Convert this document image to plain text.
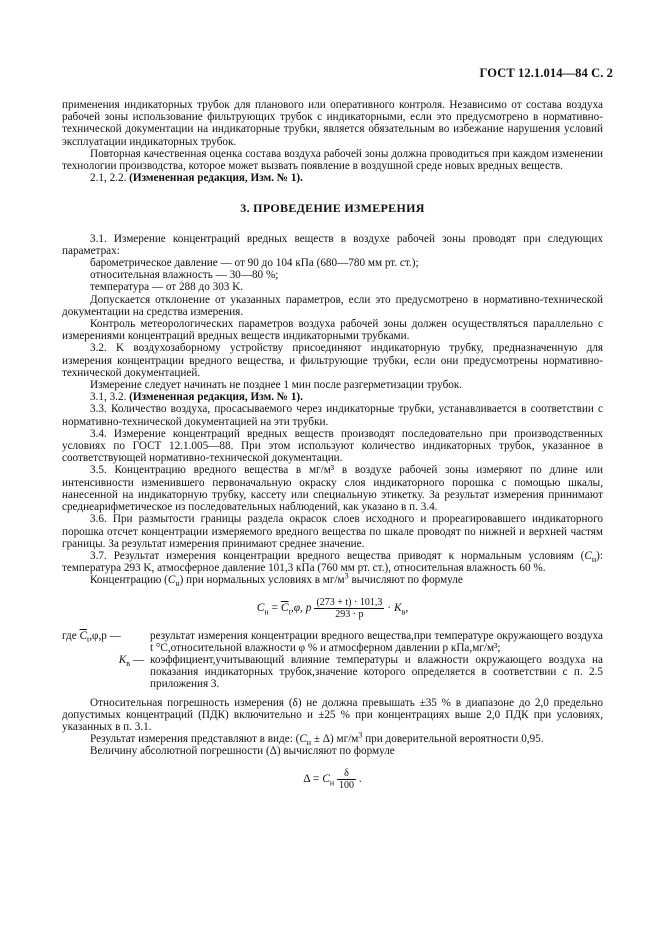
ГОСТ 12.1.014—84 С. 2

применения индикаторных трубок для планового или оперативного контроля. Независимо от состава воздуха рабочей зоны использование фильтрующих трубок с индикаторными, если это предусмотрено в нормативно-технической документации на индикаторные трубки, является обязательным во избежание нарушения условий эксплуатации индикаторных трубок.

Повторная качественная оценка состава воздуха рабочей зоны должна проводиться при каждом изменении технологии производства, которое может вызвать появление в воздушной среде новых вредных веществ.

2.1, 2.2. (Измененная редакция, Изм. № 1).

3. ПРОВЕДЕНИЕ ИЗМЕРЕНИЯ

3.1. Измерение концентраций вредных веществ в воздухе рабочей зоны проводят при следующих параметрах:

барометрическое давление — от 90 до 104 кПа (680—780 мм рт. ст.);

относительная влажность — 30—80 %;

температура — от 288 до 303 K.

Допускается отклонение от указанных параметров, если это предусмотрено в нормативно-технической документации на средства измерения.

Контроль метеорологических параметров воздуха рабочей зоны должен осуществляться параллельно с измерениями концентраций вредных веществ индикаторными трубками.

3.2. K воздухозаборному устройству присоединяют индикаторную трубку, предназначенную для измерения концентрации вредного вещества, и фильтрующие трубки, если они предусмотрены нормативно-технической документацией.

Измерение следует начинать не позднее 1 мин после разгерметизации трубок.

3.1, 3.2. (Измененная редакция, Изм. № 1).

3.3. Количество воздуха, просасываемого через индикаторные трубки, устанавливается в соответствии с нормативно-технической документацией на эти трубки.

3.4. Измерение концентраций вредных веществ производят последовательно при производственных условиях по ГОСТ 12.1.005—88. При этом используют количество индикаторных трубок, указанное в соответствующей нормативно-технической документации.

3.5. Концентрацию вредного вещества в мг/м³ в воздухе рабочей зоны измеряют по длине или интенсивности изменившего первоначальную окраску слоя индикаторного порошка с помощью шкалы, нанесенной на индикаторную трубку, кассету или специальную этикетку. За результат измерения принимают среднеарифметическое из последовательных наблюдений, как указано в п. 3.4.

3.6. При размытости границы раздела окрасок слоев исходного и прореагировавшего индикаторного порошка отсчет концентрации измеряемого вредного вещества по шкале проводят по нижней и верхней частям границы. За результат измерения принимают среднее значение.

3.7. Результат измерения концентрации вредного вещества приводят к нормальным условиям $(C_н)$: температура 293 K, атмосферное давление 101,3 кПа (760 мм рт. ст.), относительная влажность 60 %.

Концентрацию $(C_н)$ при нормальных условиях в $мг/м^3$ вычисляют по формуле

$C_н = \overline{C}_t,\varphi$, p $\frac{(273 + t) \cdot 101,3}{293 \cdot p} \cdot K_в$,
где $\overline{C}_t,\varphi,p$ —	результат измерения концентрации вредного вещества,при температуре окружающего воздуха t °C,относительной влажности φ % и атмосферном давлении p кПа,мг/м³;
$K_в$ — коэффициент,учитывающий влияние температуры и влажности окружающего воздуха на показания индикаторных трубок,значение которого определяется в соответствии с п. 2.5 приложения 3.

Относительная погрешность измерения (δ) не должна превышать ±35 % в диапазоне до 2,0 предельно допустимых концентраций (ПДК) включительно и ±25 % при концентрациях выше 2,0 ПДК при условиях, указанных в п. 3.1.

Результат измерения представляют в виде: $(C_н \pm \Delta)$ $мг/м^3$ при доверительной вероятности 0,95.

Величину абсолютной погрешности (Δ) вычисляют по формуле

$\Delta = C_н \frac{\delta}{100}$ .
